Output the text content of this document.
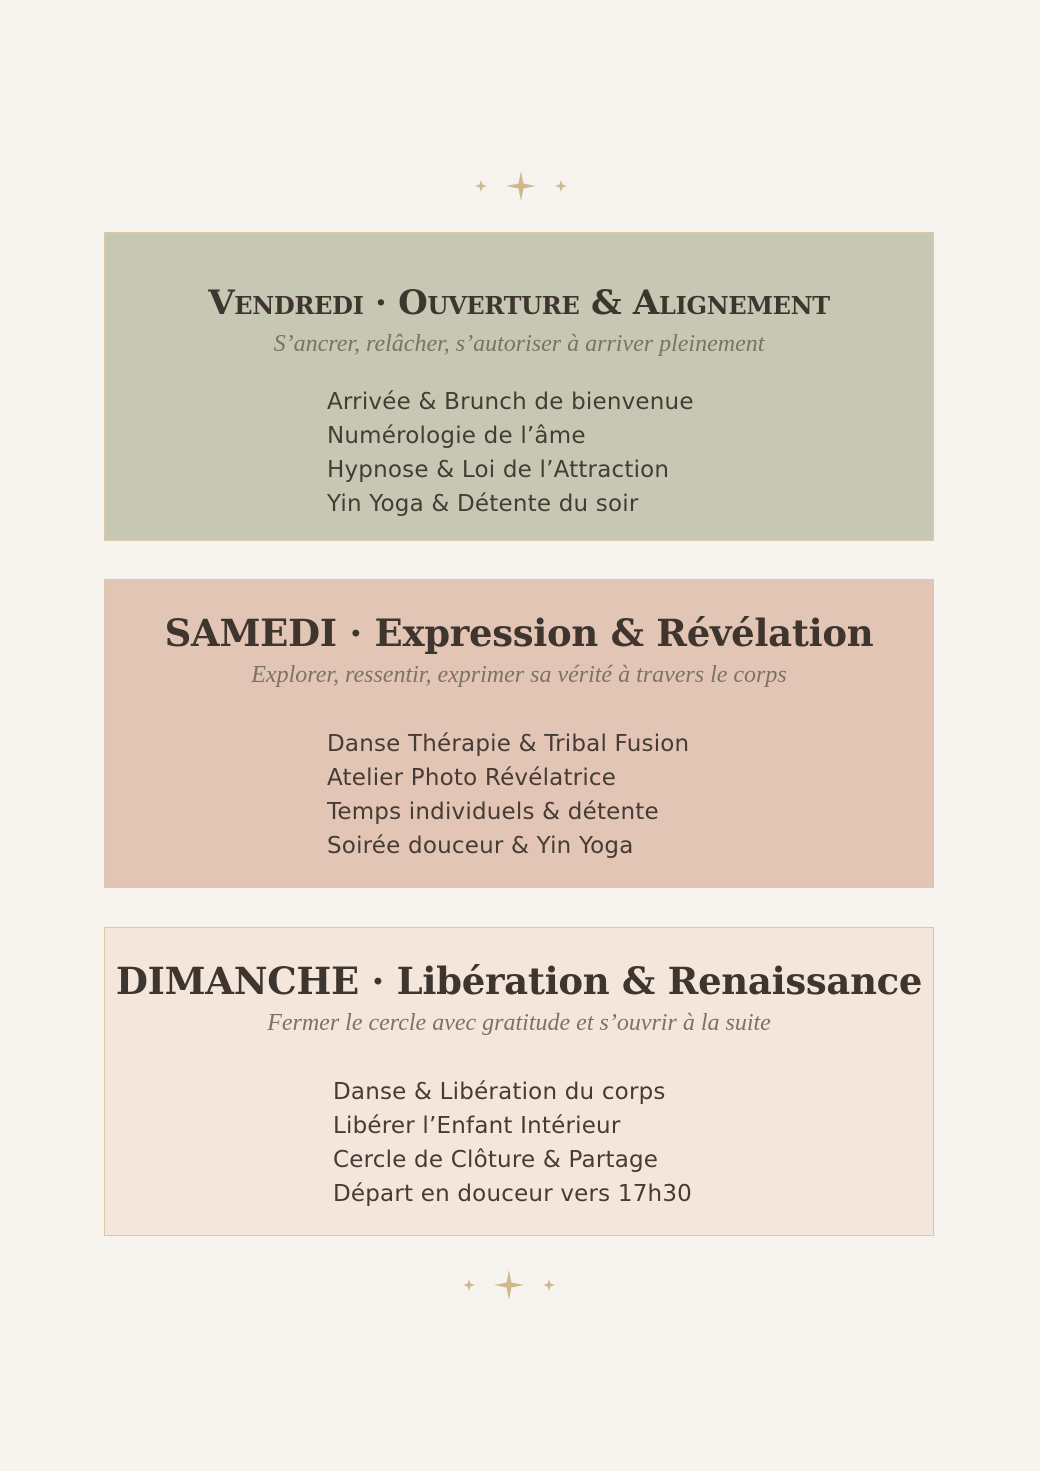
Vendredi · Ouverture & Alignement
S’ancrer, relâcher, s’autoriser à arriver pleinement
Arrivée & Brunch de bienvenue
Numérologie de l’âme
Hypnose & Loi de l’Attraction
Yin Yoga & Détente du soir
SAMEDI · Expression & Révélation
Explorer, ressentir, exprimer sa vérité à travers le corps
Danse Thérapie & Tribal Fusion
Atelier Photo Révélatrice
Temps individuels & détente
Soirée douceur & Yin Yoga
DIMANCHE · Libération & Renaissance
Fermer le cercle avec gratitude et s’ouvrir à la suite
Danse & Libération du corps
Libérer l’Enfant Intérieur
Cercle de Clôture & Partage
Départ en douceur vers 17h30
